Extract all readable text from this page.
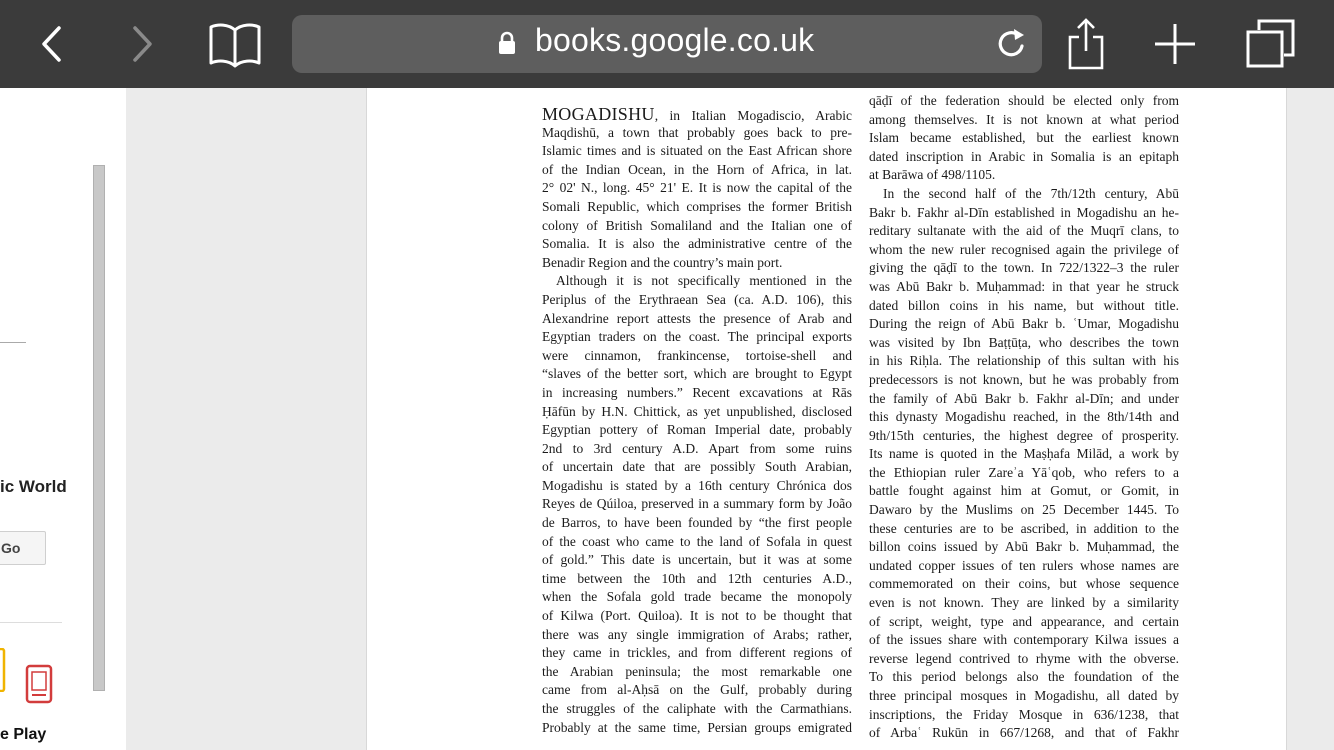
books.google.co.uk
ic World
Go
e Play

MOGADISHU, in Italian Mogadiscio, Arabic

Maqdishū, a town that probably goes back to pre-

Islamic times and is situated on the East African shore

of the Indian Ocean, in the Horn of Africa, in lat.

2° 02' N., long. 45° 21' E. It is now the capital of the

Somali Republic, which comprises the former British

colony of British Somaliland and the Italian one of

Somalia. It is also the administrative centre of the

Benadir Region and the country’s main port.

Although it is not specifically mentioned in the

Periplus of the Erythraean Sea (ca. A.D. 106), this

Alexandrine report attests the presence of Arab and

Egyptian traders on the coast. The principal exports

were cinnamon, frankincense, tortoise-shell and

“slaves of the better sort, which are brought to Egypt

in increasing numbers.” Recent excavations at Rās

Ḥāfūn by H.N. Chittick, as yet unpublished, disclosed

Egyptian pottery of Roman Imperial date, probably

2nd to 3rd century A.D. Apart from some ruins

of uncertain date that are possibly South Arabian,

Mogadishu is stated by a 16th century Chrónica dos

Reyes de Qúiloa, preserved in a summary form by João

de Barros, to have been founded by “the first people

of the coast who came to the land of Sofala in quest

of gold.” This date is uncertain, but it was at some

time between the 10th and 12th centuries A.D.,

when the Sofala gold trade became the monopoly

of Kilwa (Port. Quiloa). It is not to be thought that

there was any single immigration of Arabs; rather,

they came in trickles, and from different regions of

the Arabian peninsula; the most remarkable one

came from al-Aḥsā on the Gulf, probably during

the struggles of the caliphate with the Carmathians.

Probably at the same time, Persian groups emigrated

qāḍī of the federation should be elected only from

among themselves. It is not known at what period

Islam became established, but the earliest known

dated inscription in Arabic in Somalia is an epitaph

at Barāwa of 498/1105.

In the second half of the 7th/12th century, Abū

Bakr b. Fakhr al-Dīn established in Mogadishu an he-

reditary sultanate with the aid of the Muqrī clans, to

whom the new ruler recognised again the privilege of

giving the qāḍī to the town. In 722/1322–3 the ruler

was Abū Bakr b. Muḥammad: in that year he struck

dated billon coins in his name, but without title.

During the reign of Abū Bakr b. ʿUmar, Mogadishu

was visited by Ibn Baṭṭūṭa, who describes the town

in his Riḥla. The relationship of this sultan with his

predecessors is not known, but he was probably from

the family of Abū Bakr b. Fakhr al-Dīn; and under

this dynasty Mogadishu reached, in the 8th/14th and

9th/15th centuries, the highest degree of prosperity.

Its name is quoted in the Maṣḥafa Milād, a work by

the Ethiopian ruler Zareʾa Yāʿqob, who refers to a

battle fought against him at Gomut, or Gomit, in

Dawaro by the Muslims on 25 December 1445. To

these centuries are to be ascribed, in addition to the

billon coins issued by Abū Bakr b. Muḥammad, the

undated copper issues of ten rulers whose names are

commemorated on their coins, but whose sequence

even is not known. They are linked by a similarity

of script, weight, type and appearance, and certain

of the issues share with contemporary Kilwa issues a

reverse legend contrived to rhyme with the obverse.

To this period belongs also the foundation of the

three principal mosques in Mogadishu, all dated by

inscriptions, the Friday Mosque in 636/1238, that

of Arbaʿ Rukūn in 667/1268, and that of Fakhr
